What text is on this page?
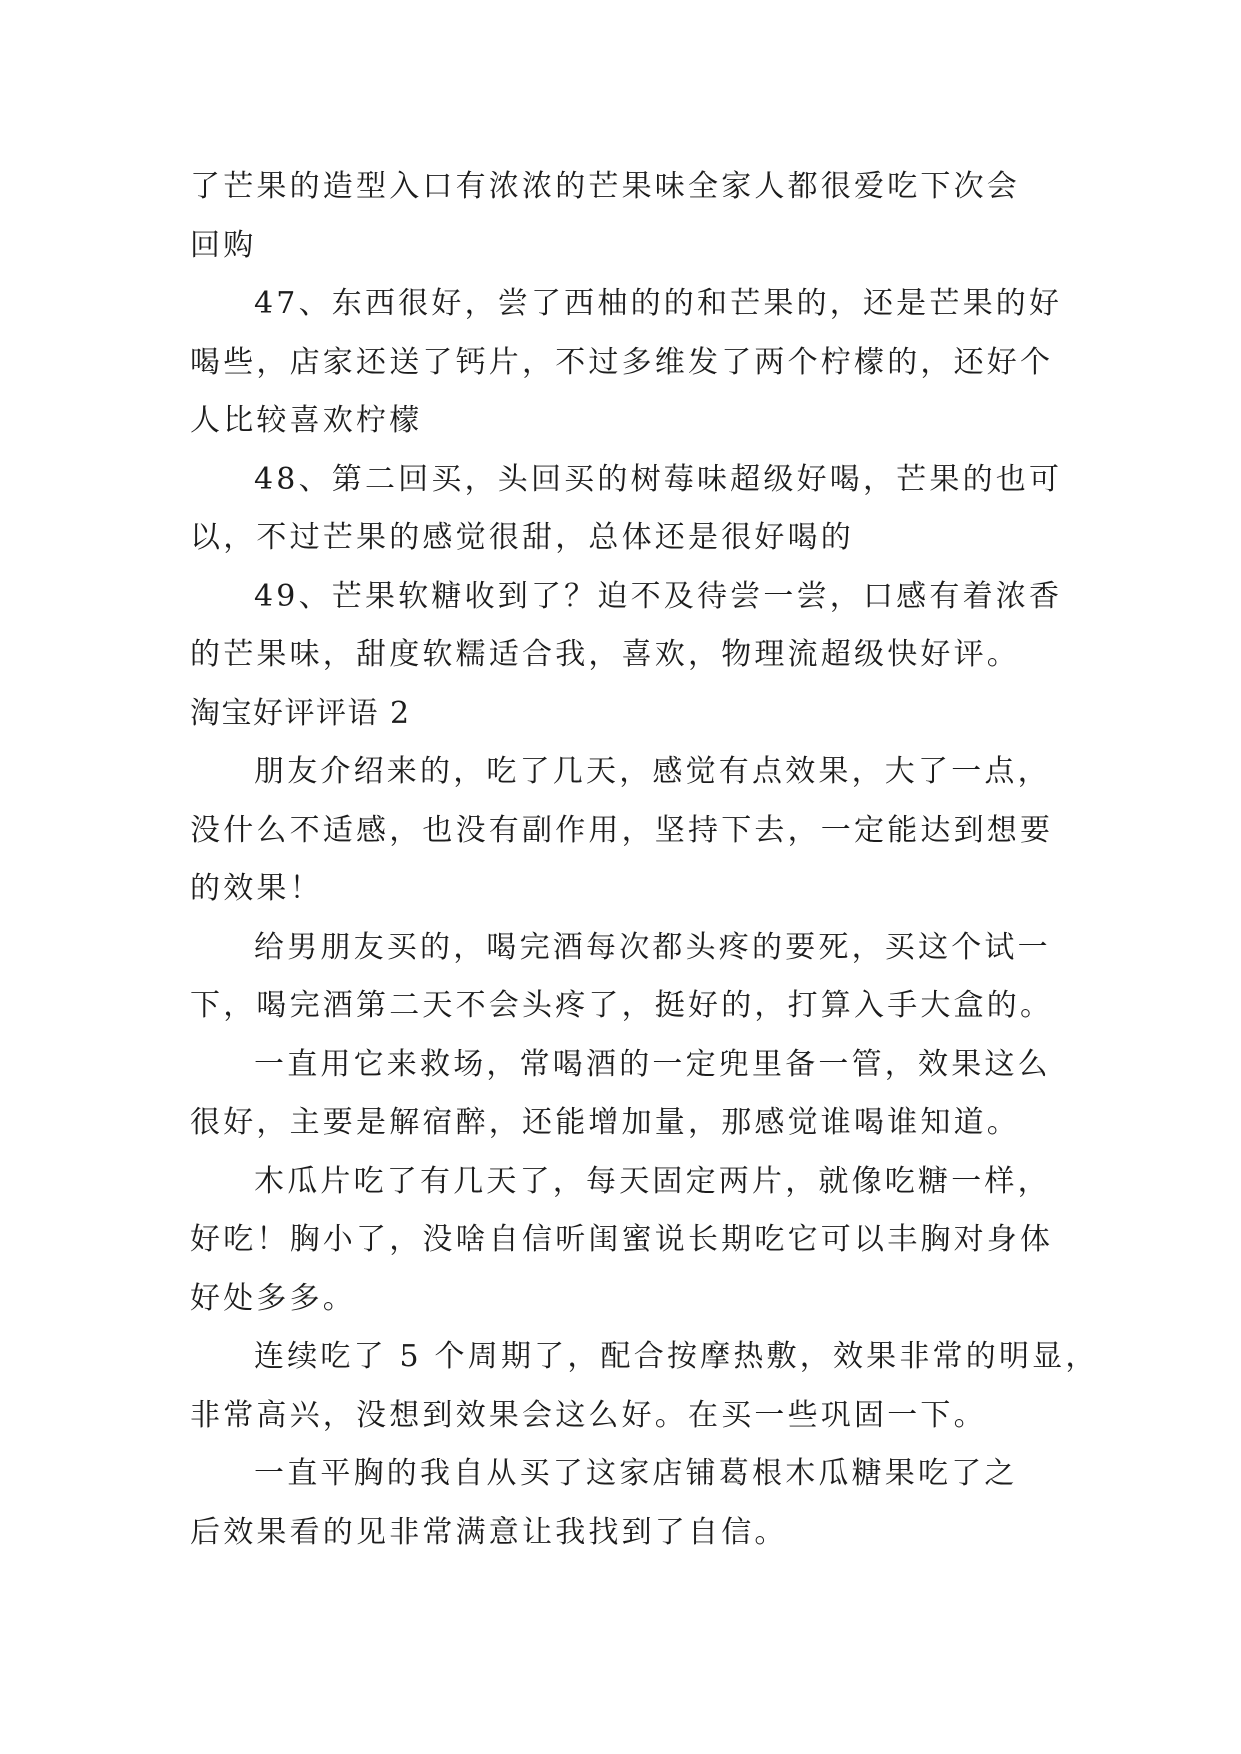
了芒果的造型入口有浓浓的芒果味全家人都很爱吃下次会
回购
47、东西很好，尝了西柚的的和芒果的，还是芒果的好
喝些，店家还送了钙片，不过多维发了两个柠檬的，还好个
人比较喜欢柠檬
48、第二回买，头回买的树莓味超级好喝，芒果的也可
以，不过芒果的感觉很甜，总体还是很好喝的
49、芒果软糖收到了？迫不及待尝一尝，口感有着浓香
的芒果味，甜度软糯适合我，喜欢，物理流超级快好评。
淘宝好评评语 2
朋友介绍来的，吃了几天，感觉有点效果，大了一点，
没什么不适感，也没有副作用，坚持下去，一定能达到想要
的效果！
给男朋友买的，喝完酒每次都头疼的要死，买这个试一
下，喝完酒第二天不会头疼了，挺好的，打算入手大盒的。
一直用它来救场，常喝酒的一定兜里备一管，效果这么
很好，主要是解宿醉，还能增加量，那感觉谁喝谁知道。
木瓜片吃了有几天了，每天固定两片，就像吃糖一样，
好吃！胸小了，没啥自信听闺蜜说长期吃它可以丰胸对身体
好处多多。
连续吃了 5 个周期了，配合按摩热敷，效果非常的明显，
非常高兴，没想到效果会这么好。在买一些巩固一下。
一直平胸的我自从买了这家店铺葛根木瓜糖果吃了之
后效果看的见非常满意让我找到了自信。
